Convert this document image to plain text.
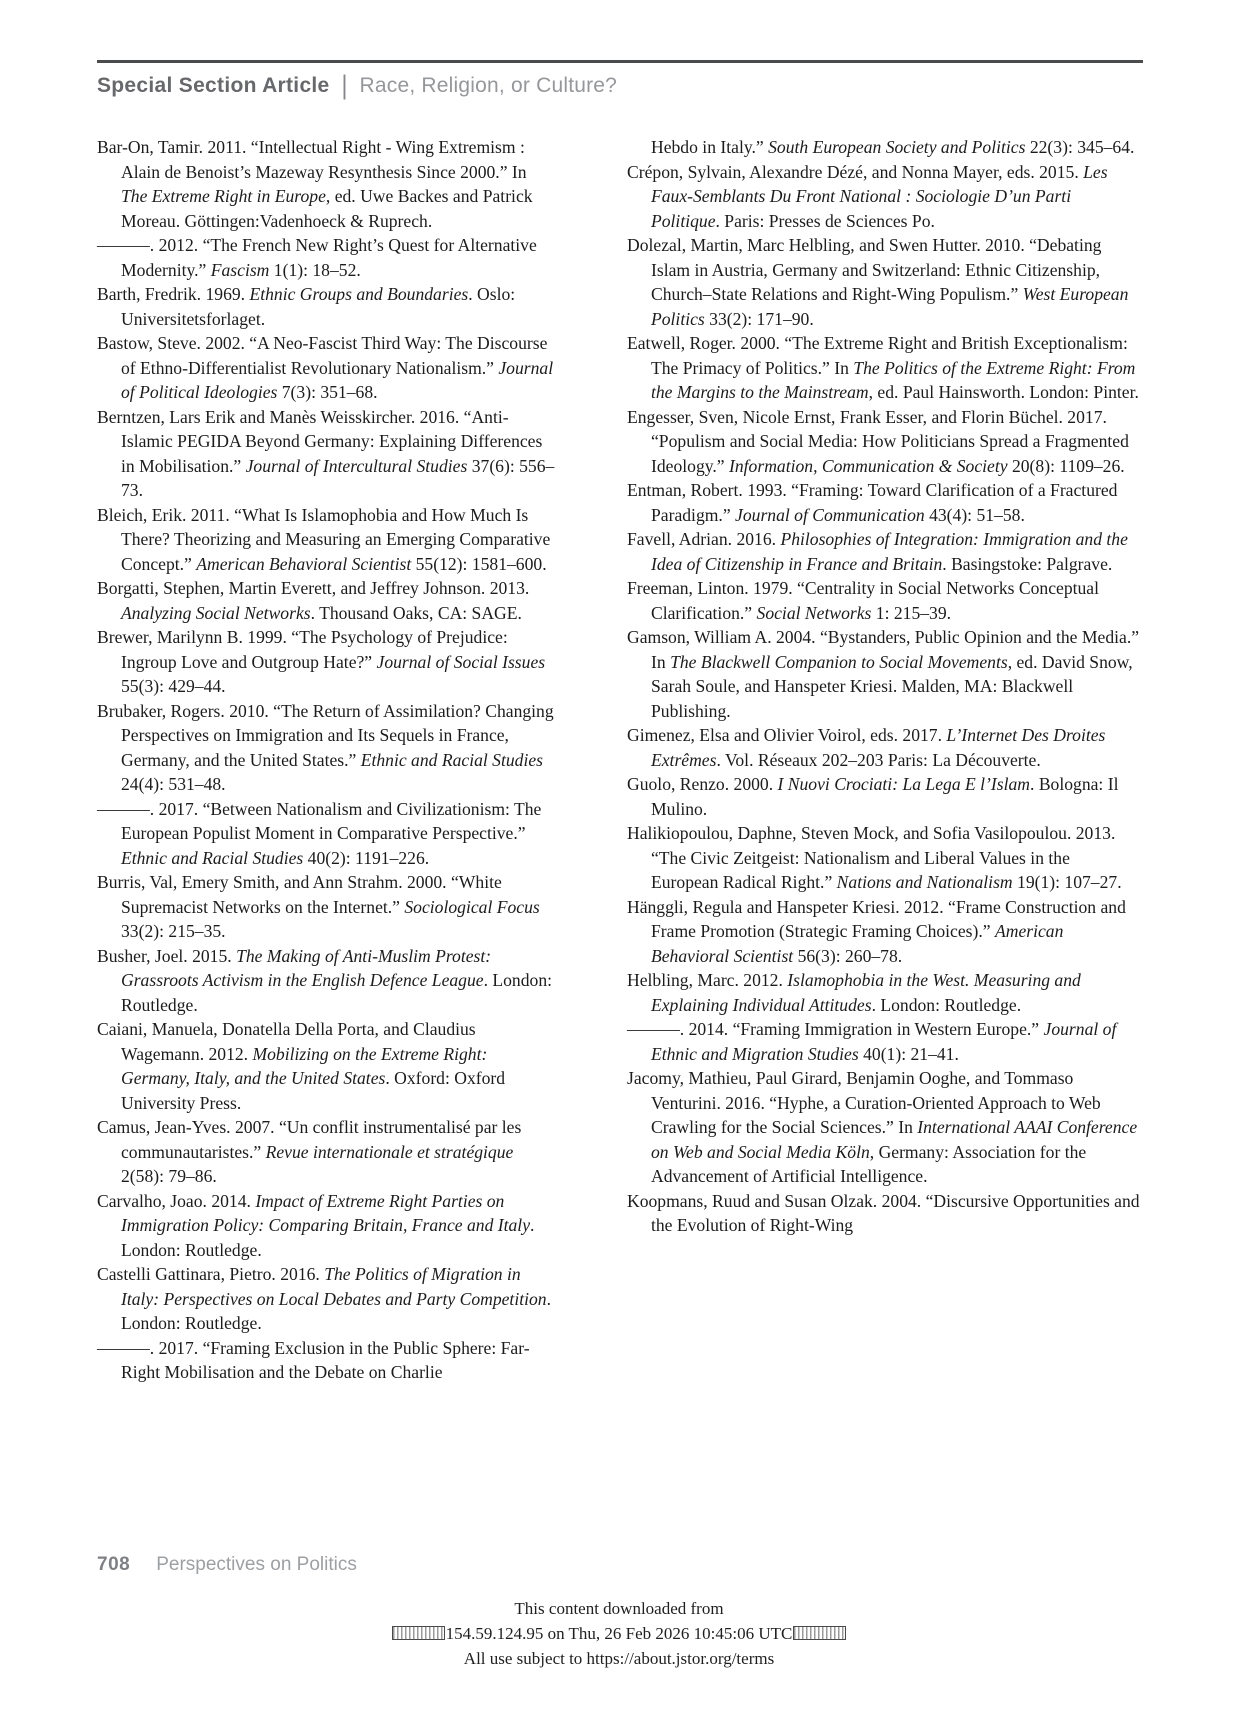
Special Section Article | Race, Religion, or Culture?

Bar-On, Tamir. 2011. “Intellectual Right - Wing Extremism : Alain de Benoist’s Mazeway Resynthesis Since 2000.” In The Extreme Right in Europe, ed. Uwe Backes and Patrick Moreau. Göttingen:Vadenhoeck & Ruprech.

———. 2012. “The French New Right’s Quest for Alternative Modernity.” Fascism 1(1): 18–52.

Barth, Fredrik. 1969. Ethnic Groups and Boundaries. Oslo: Universitetsforlaget.

Bastow, Steve. 2002. “A Neo-Fascist Third Way: The Discourse of Ethno-Differentialist Revolutionary Nationalism.” Journal of Political Ideologies 7(3): 351–68.

Berntzen, Lars Erik and Manès Weisskircher. 2016. “Anti-Islamic PEGIDA Beyond Germany: Explaining Differences in Mobilisation.” Journal of Intercultural Studies 37(6): 556–73.

Bleich, Erik. 2011. “What Is Islamophobia and How Much Is There? Theorizing and Measuring an Emerging Comparative Concept.” American Behavioral Scientist 55(12): 1581–600.

Borgatti, Stephen, Martin Everett, and Jeffrey Johnson. 2013. Analyzing Social Networks. Thousand Oaks, CA: SAGE.

Brewer, Marilynn B. 1999. “The Psychology of Prejudice: Ingroup Love and Outgroup Hate?” Journal of Social Issues 55(3): 429–44.

Brubaker, Rogers. 2010. “The Return of Assimilation? Changing Perspectives on Immigration and Its Sequels in France, Germany, and the United States.” Ethnic and Racial Studies 24(4): 531–48.

———. 2017. “Between Nationalism and Civilizationism: The European Populist Moment in Comparative Perspective.” Ethnic and Racial Studies 40(2): 1191–226.

Burris, Val, Emery Smith, and Ann Strahm. 2000. “White Supremacist Networks on the Internet.” Sociological Focus 33(2): 215–35.

Busher, Joel. 2015. The Making of Anti-Muslim Protest: Grassroots Activism in the English Defence League. London: Routledge.

Caiani, Manuela, Donatella Della Porta, and Claudius Wagemann. 2012. Mobilizing on the Extreme Right: Germany, Italy, and the United States. Oxford: Oxford University Press.

Camus, Jean-Yves. 2007. “Un conflit instrumentalisé par les communautaristes.” Revue internationale et stratégique 2(58): 79–86.

Carvalho, Joao. 2014. Impact of Extreme Right Parties on Immigration Policy: Comparing Britain, France and Italy. London: Routledge.

Castelli Gattinara, Pietro. 2016. The Politics of Migration in Italy: Perspectives on Local Debates and Party Competition. London: Routledge.

———. 2017. “Framing Exclusion in the Public Sphere: Far-Right Mobilisation and the Debate on Charlie

Hebdo in Italy.” South European Society and Politics 22(3): 345–64.

Crépon, Sylvain, Alexandre Dézé, and Nonna Mayer, eds. 2015. Les Faux-Semblants Du Front National : Sociologie D’un Parti Politique. Paris: Presses de Sciences Po.

Dolezal, Martin, Marc Helbling, and Swen Hutter. 2010. “Debating Islam in Austria, Germany and Switzerland: Ethnic Citizenship, Church–State Relations and Right-Wing Populism.” West European Politics 33(2): 171–90.

Eatwell, Roger. 2000. “The Extreme Right and British Exceptionalism: The Primacy of Politics.” In The Politics of the Extreme Right: From the Margins to the Mainstream, ed. Paul Hainsworth. London: Pinter.

Engesser, Sven, Nicole Ernst, Frank Esser, and Florin Büchel. 2017. “Populism and Social Media: How Politicians Spread a Fragmented Ideology.” Information, Communication & Society 20(8): 1109–26.

Entman, Robert. 1993. “Framing: Toward Clarification of a Fractured Paradigm.” Journal of Communication 43(4): 51–58.

Favell, Adrian. 2016. Philosophies of Integration: Immigration and the Idea of Citizenship in France and Britain. Basingstoke: Palgrave.

Freeman, Linton. 1979. “Centrality in Social Networks Conceptual Clarification.” Social Networks 1: 215–39.

Gamson, William A. 2004. “Bystanders, Public Opinion and the Media.” In The Blackwell Companion to Social Movements, ed. David Snow, Sarah Soule, and Hanspeter Kriesi. Malden, MA: Blackwell Publishing.

Gimenez, Elsa and Olivier Voirol, eds. 2017. L’Internet Des Droites Extrêmes. Vol. Réseaux 202–203 Paris: La Découverte.

Guolo, Renzo. 2000. I Nuovi Crociati: La Lega E l’Islam. Bologna: Il Mulino.

Halikiopoulou, Daphne, Steven Mock, and Sofia Vasilopoulou. 2013. “The Civic Zeitgeist: Nationalism and Liberal Values in the European Radical Right.” Nations and Nationalism 19(1): 107–27.

Hänggli, Regula and Hanspeter Kriesi. 2012. “Frame Construction and Frame Promotion (Strategic Framing Choices).” American Behavioral Scientist 56(3): 260–78.

Helbling, Marc. 2012. Islamophobia in the West. Measuring and Explaining Individual Attitudes. London: Routledge.

———. 2014. “Framing Immigration in Western Europe.” Journal of Ethnic and Migration Studies 40(1): 21–41.

Jacomy, Mathieu, Paul Girard, Benjamin Ooghe, and Tommaso Venturini. 2016. “Hyphe, a Curation-Oriented Approach to Web Crawling for the Social Sciences.” In International AAAI Conference on Web and Social Media Köln, Germany: Association for the Advancement of Artificial Intelligence.

Koopmans, Ruud and Susan Olzak. 2004. “Discursive Opportunities and the Evolution of Right-Wing

708 Perspectives on Politics
This content downloaded from
154.59.124.95 on Thu, 26 Feb 2026 10:45:06 UTC
All use subject to https://about.jstor.org/terms
